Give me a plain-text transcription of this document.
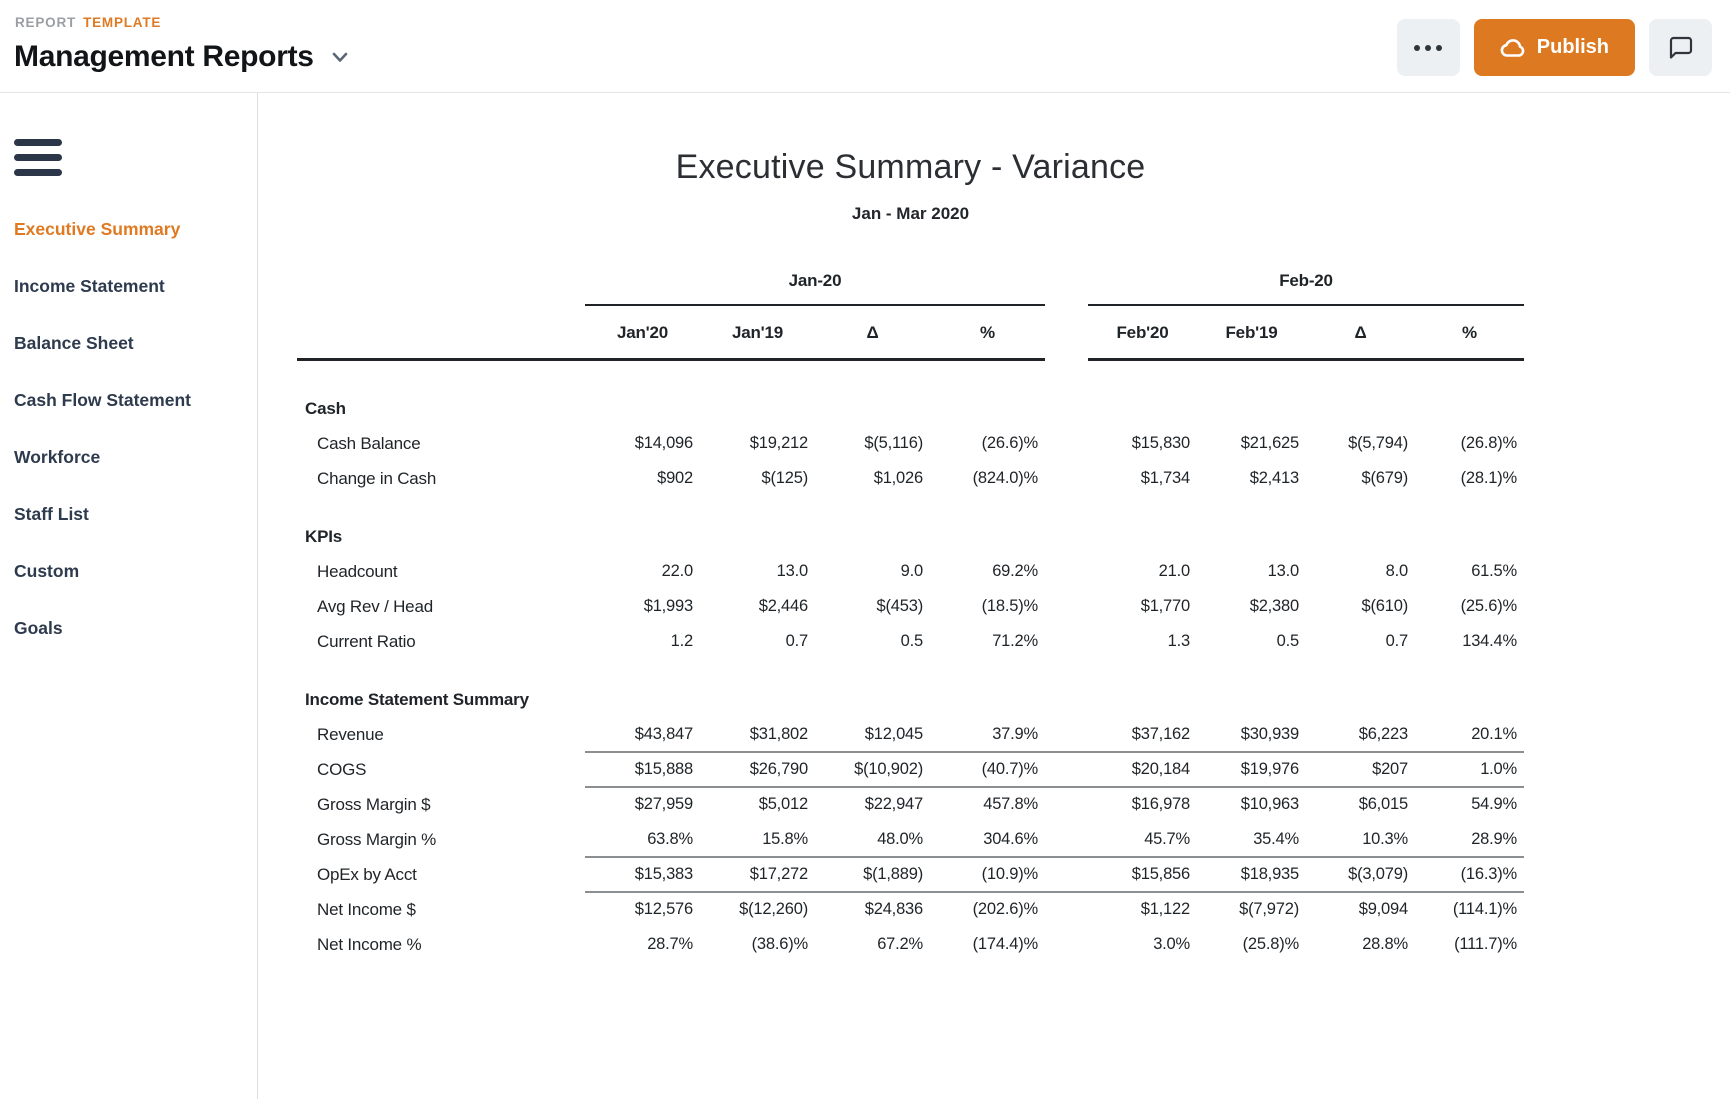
REPORT TEMPLATE
Management Reports	Publish
Executive Summary
Income Statement
Balance Sheet
Cash Flow Statement
Workforce
Staff List
Custom
Goals
Executive Summary - Variance
Jan - Mar 2020
Jan-20	Feb-20
Jan'20	Jan'19	Δ	%	Feb'20	Feb'19	Δ	%
Cash
Cash Balance	$14,096	$19,212	$(5,116)	(26.6)%	$15,830	$21,625	$(5,794)	(26.8)%
Change in Cash	$902	$(125)	$1,026	(824.0)%	$1,734	$2,413	$(679)	(28.1)%
KPIs
Headcount	22.0	13.0	9.0	69.2%	21.0	13.0	8.0	61.5%
Avg Rev / Head	$1,993	$2,446	$(453)	(18.5)%	$1,770	$2,380	$(610)	(25.6)%
Current Ratio	1.2	0.7	0.5	71.2%	1.3	0.5	0.7	134.4%
Income Statement Summary
Revenue	$43,847	$31,802	$12,045	37.9%	$37,162	$30,939	$6,223	20.1%
COGS	$15,888	$26,790	$(10,902)	(40.7)%	$20,184	$19,976	$207	1.0%
Gross Margin $	$27,959	$5,012	$22,947	457.8%	$16,978	$10,963	$6,015	54.9%
Gross Margin %	63.8%	15.8%	48.0%	304.6%	45.7%	35.4%	10.3%	28.9%
OpEx by Acct	$15,383	$17,272	$(1,889)	(10.9)%	$15,856	$18,935	$(3,079)	(16.3)%
Net Income $	$12,576	$(12,260)	$24,836	(202.6)%	$1,122	$(7,972)	$9,094	(114.1)%
Net Income %	28.7%	(38.6)%	67.2%	(174.4)%	3.0%	(25.8)%	28.8%	(111.7)%
